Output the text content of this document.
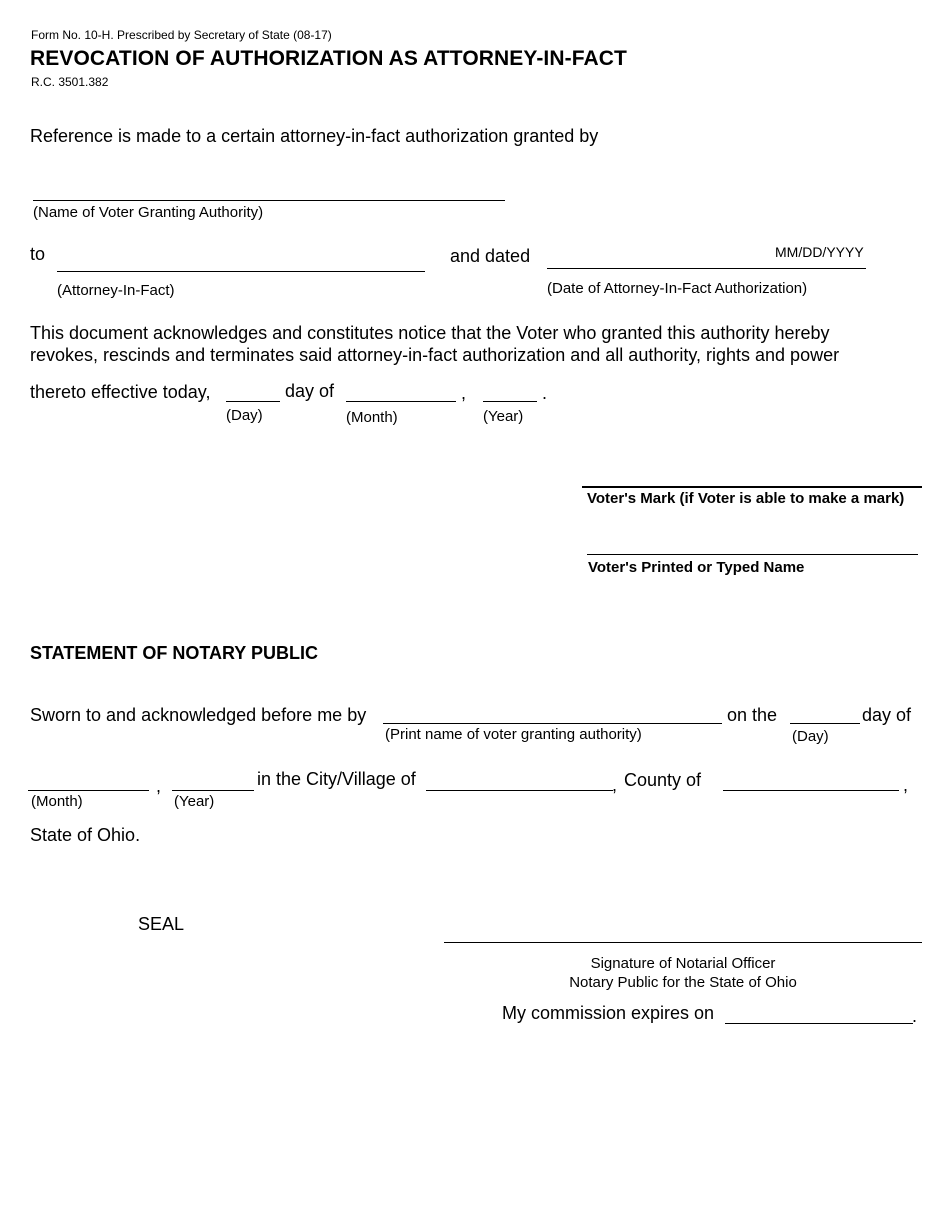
Form No. 10-H. Prescribed by Secretary of State (08-17)
REVOCATION OF AUTHORIZATION AS ATTORNEY-IN-FACT
R.C. 3501.382
Reference is made to a certain attorney-in-fact authorization granted by
(Name of Voter Granting Authority)
to
(Attorney-In-Fact)
and dated	MM/DD/YYYY
(Date of Attorney-In-Fact Authorization)
This document acknowledges and constitutes notice that the Voter who granted this authority hereby
revokes, rescinds and terminates said attorney-in-fact authorization and all authority, rights and power
thereto effective today,
(Day)
day of
(Month)
,
(Year)
.
Voter's Mark (if Voter is able to make a mark)
Voter's Printed or Typed Name
STATEMENT OF NOTARY PUBLIC
Sworn to and acknowledged before me by
(Print name of voter granting authority)
on the
(Day)
day of
(Month)
,
(Year)
in the City/Village of	, County of	,
State of Ohio.
SEAL
Signature of Notarial Officer
Notary Public for the State of Ohio
My commission expires on	.
